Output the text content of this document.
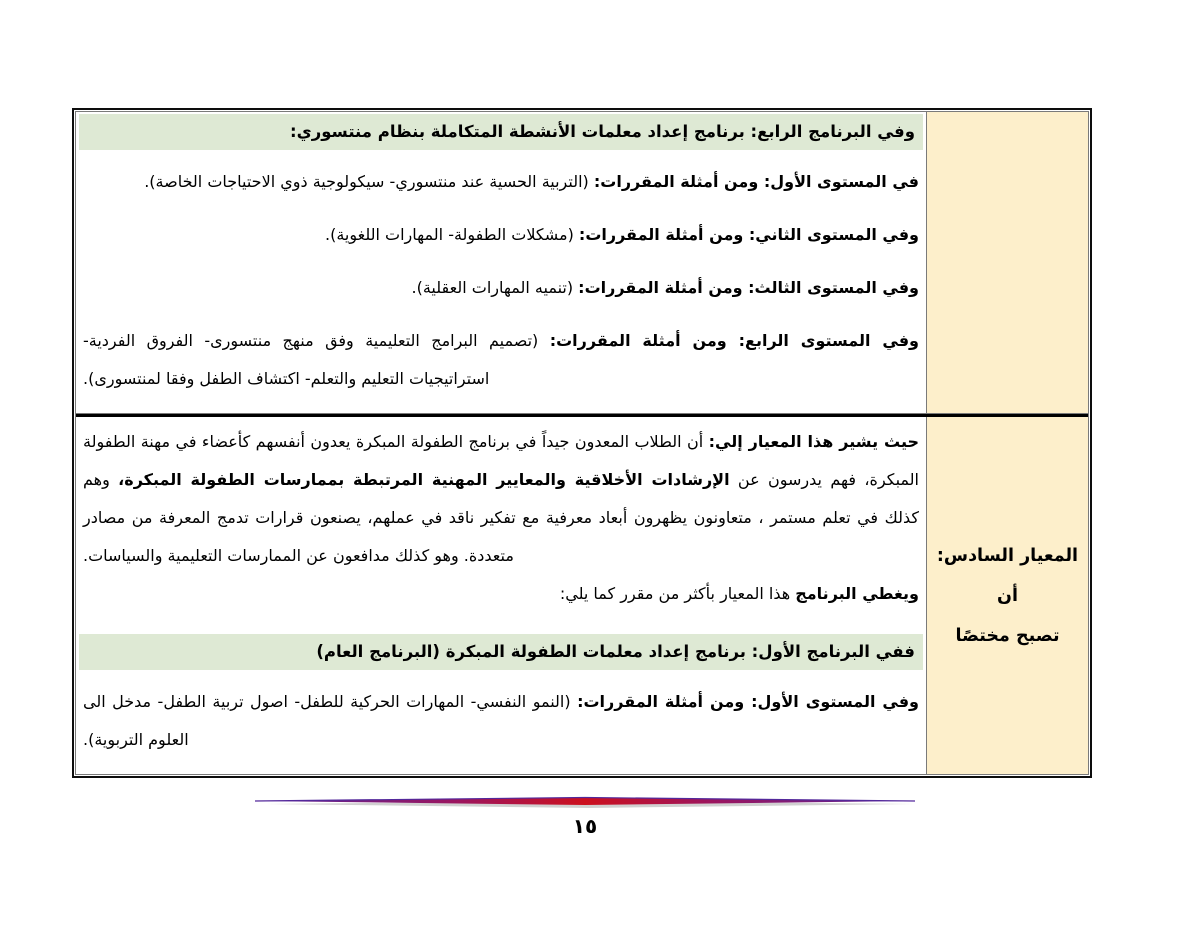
وفي البرنامج الرابع: برنامج إعداد معلمات الأنشطة المتكاملة بنظام منتسوري:

في المستوى الأول: ومن أمثلة المقررات: (التربية الحسية عند منتسوري- سيكولوجية ذوي الاحتياجات الخاصة).

وفي المستوى الثاني: ومن أمثلة المقررات: (مشكلات الطفولة- المهارات اللغوية).

وفي المستوى الثالث: ومن أمثلة المقررات: (تنميه المهارات العقلية).

وفي المستوى الرابع: ومن أمثلة المقررات: (تصميم البرامج التعليمية وفق منهج منتسورى- الفروق الفردية- استراتيجيات التعليم والتعلم- اكتشاف الطفل وفقا لمنتسورى).

المعيار السادس: أن
تصبح مختصًا

حيث يشير هذا المعيار إلي: أن الطلاب المعدون جيداً في برنامج الطفولة المبكرة يعدون أنفسهم كأعضاء في مهنة الطفولة المبكرة، فهم يدرسون عن الإرشادات الأخلاقية والمعايير المهنية المرتبطة بممارسات الطفولة المبكرة، وهم كذلك في تعلم مستمر ، متعاونون يظهرون أبعاد معرفية مع تفكير ناقد في عملهم، يصنعون قرارات تدمج المعرفة من مصادر متعددة. وهو كذلك مدافعون عن الممارسات التعليمية والسياسات.

ويغطي البرنامج هذا المعيار بأكثر من مقرر كما يلي:

ففي البرنامج الأول: برنامج إعداد معلمات الطفولة المبكرة (البرنامج العام)

وفي المستوى الأول: ومن أمثلة المقررات: (النمو النفسي- المهارات الحركية للطفل- اصول تربية الطفل- مدخل الى العلوم التربوية).

١٥
